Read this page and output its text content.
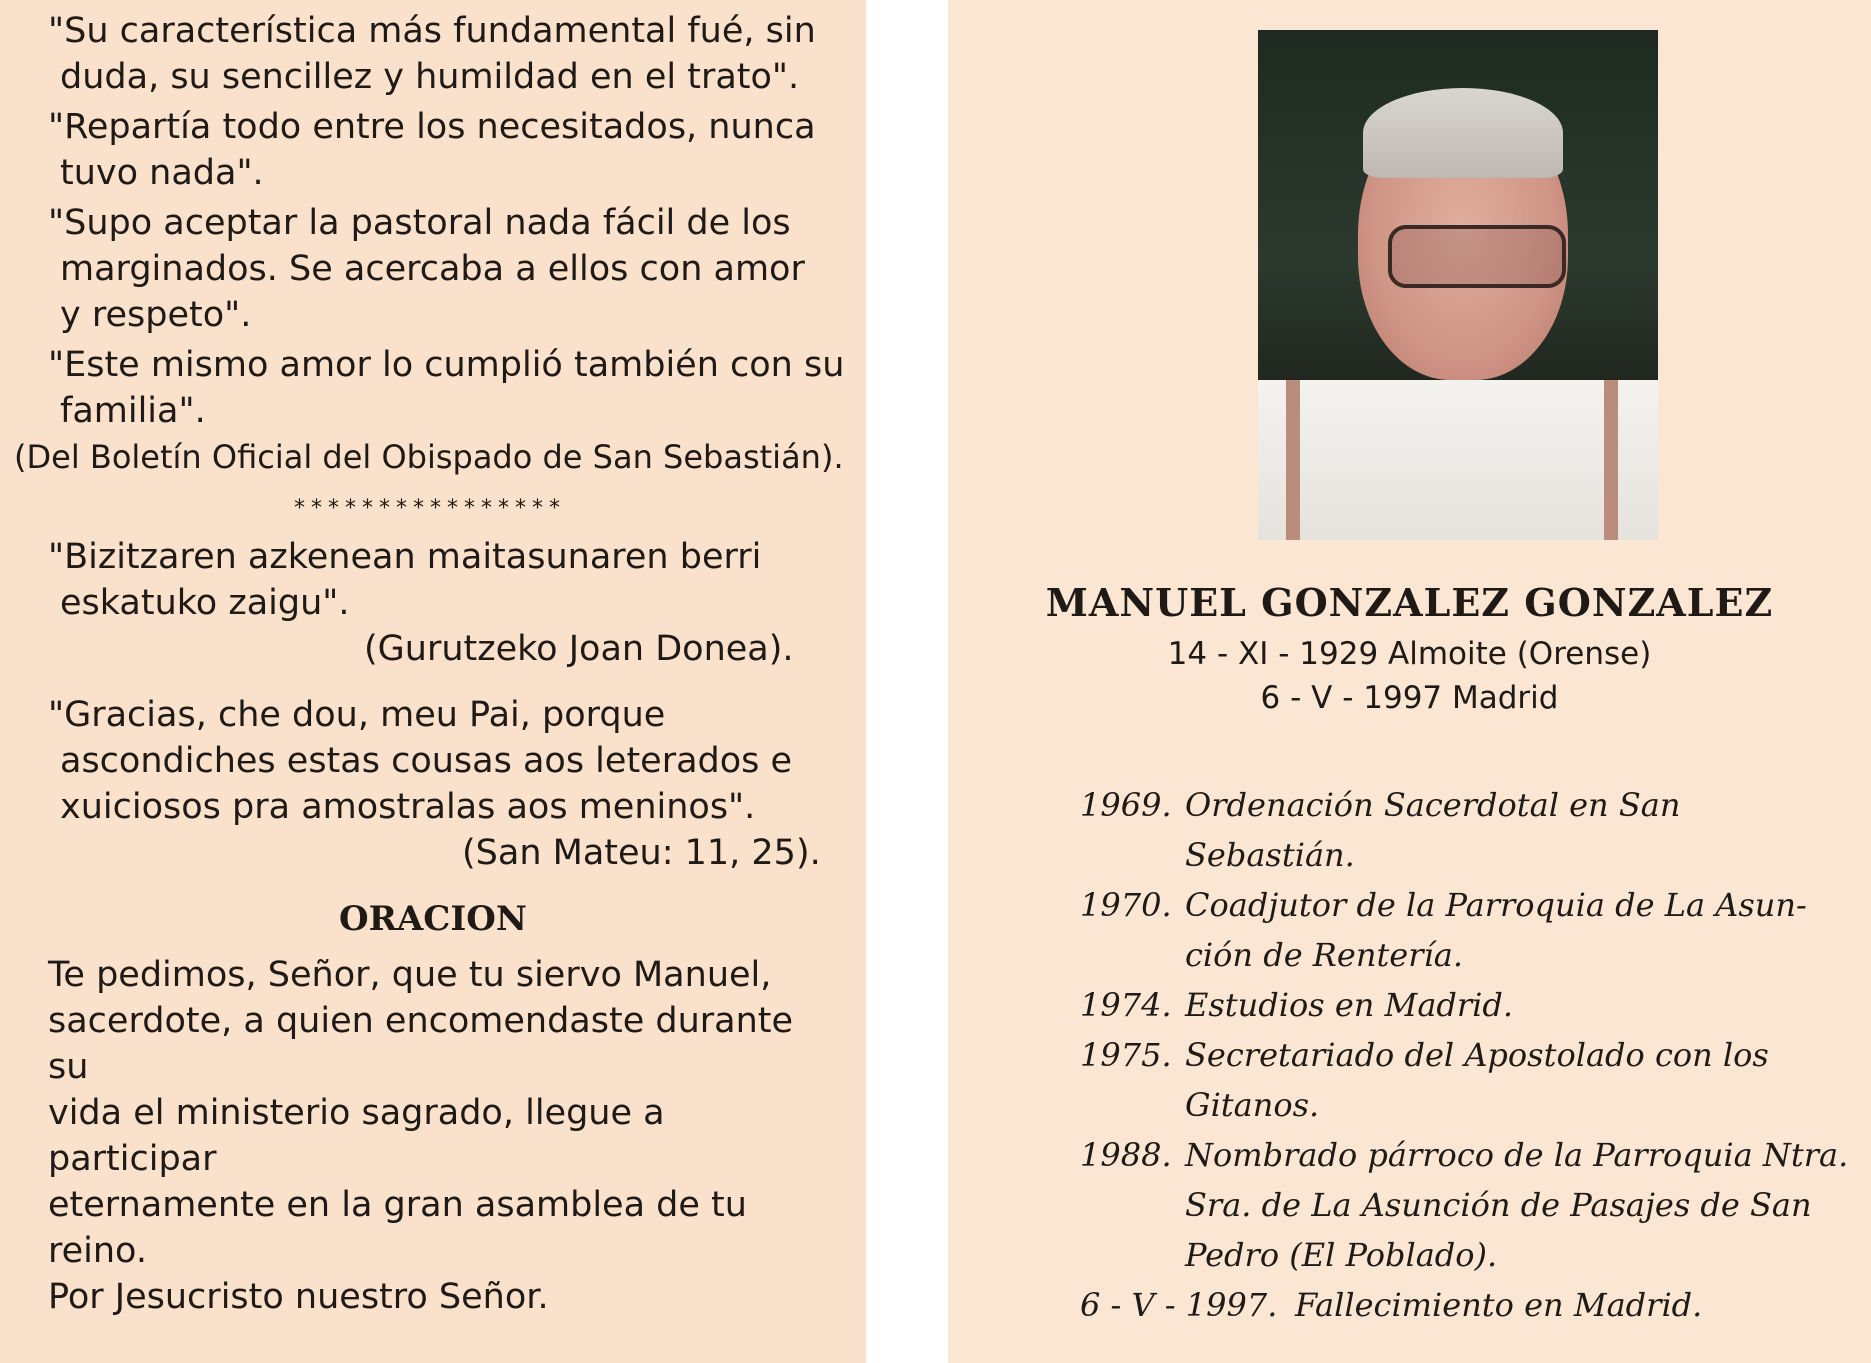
"Su característica más fundamental fué, sin
duda, su sencillez y humildad en el trato".

"Repartía todo entre los necesitados, nunca
tuvo nada".

"Supo aceptar la pastoral nada fácil de los
marginados. Se acercaba a ellos con amor
y respeto".

"Este mismo amor lo cumplió también con su
familia".

(Del Boletín Oficial del Obispado de San Sebastián).
****************

"Bizitzaren azkenean maitasunaren berri
eskatuko zaigu".

(Gurutzeko Joan Donea).

"Gracias, che dou, meu Pai, porque
ascondiches estas cousas aos leterados e
xuiciosos pra amostralas aos meninos".

(San Mateu: 11, 25).
ORACION
Te pedimos, Señor, que tu siervo Manuel,
sacerdote, a quien encomendaste durante su
vida el ministerio sagrado, llegue a participar
eternamente en la gran asamblea de tu reino.
Por Jesucristo nuestro Señor.
MANUEL GONZALEZ GONZALEZ
14 - XI - 1929 Almoite (Orense)
6 - V - 1997 Madrid
1969. Ordenación Sacerdotal en San Sebastián.
1970. Coadjutor de la Parroquia de La Asun-
ción de Rentería.
1974. Estudios en Madrid.
1975. Secretariado del Apostolado con los
Gitanos.
1988. Nombrado párroco de la Parroquia Ntra.
Sra. de La Asunción de Pasajes de San
Pedro (El Poblado).
6 - V - 1997. Fallecimiento en Madrid.
